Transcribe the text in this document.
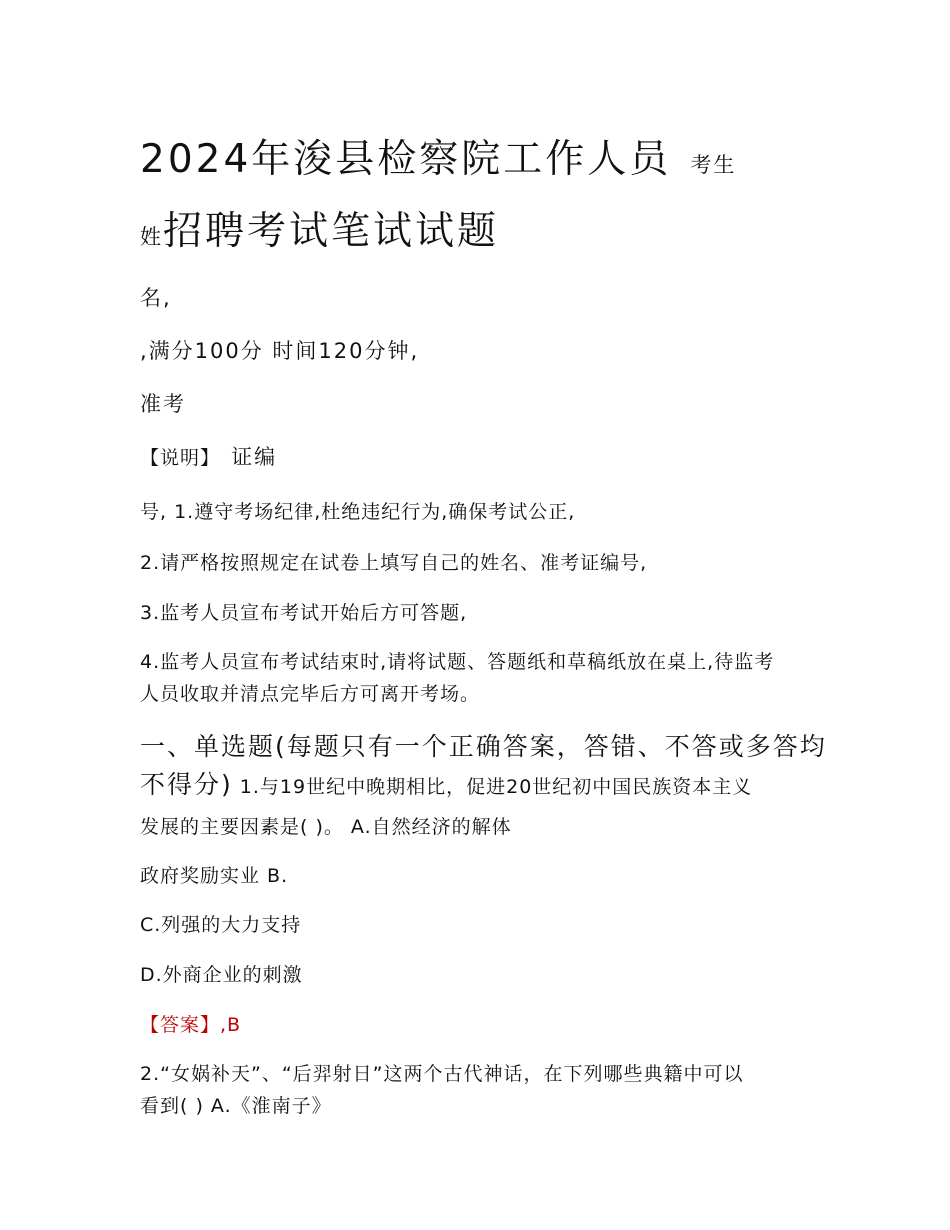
2024年浚县检察院工作人员 考生
姓招聘考试笔试试题
名,
,满分100分 时间120分钟,
准考
【说明】 证编
号, 1.遵守考场纪律,杜绝违纪行为,确保考试公正,
2.请严格按照规定在试卷上填写自己的姓名、准考证编号,
3.监考人员宣布考试开始后方可答题,
4.监考人员宣布考试结束时,请将试题、答题纸和草稿纸放在桌上,待监考
人员收取并清点完毕后方可离开考场。
一、单选题(每题只有一个正确答案，答错、不答或多答均
不得分) 1.与19世纪中晚期相比，促进20世纪初中国民族资本主义
发展的主要因素是( )。 A.自然经济的解体
政府奖励实业 B.
C.列强的大力支持
D.外商企业的刺激
【答案】,B
2.“女娲补天”、“后羿射日”这两个古代神话，在下列哪些典籍中可以
看到( ) A.《淮南子》
